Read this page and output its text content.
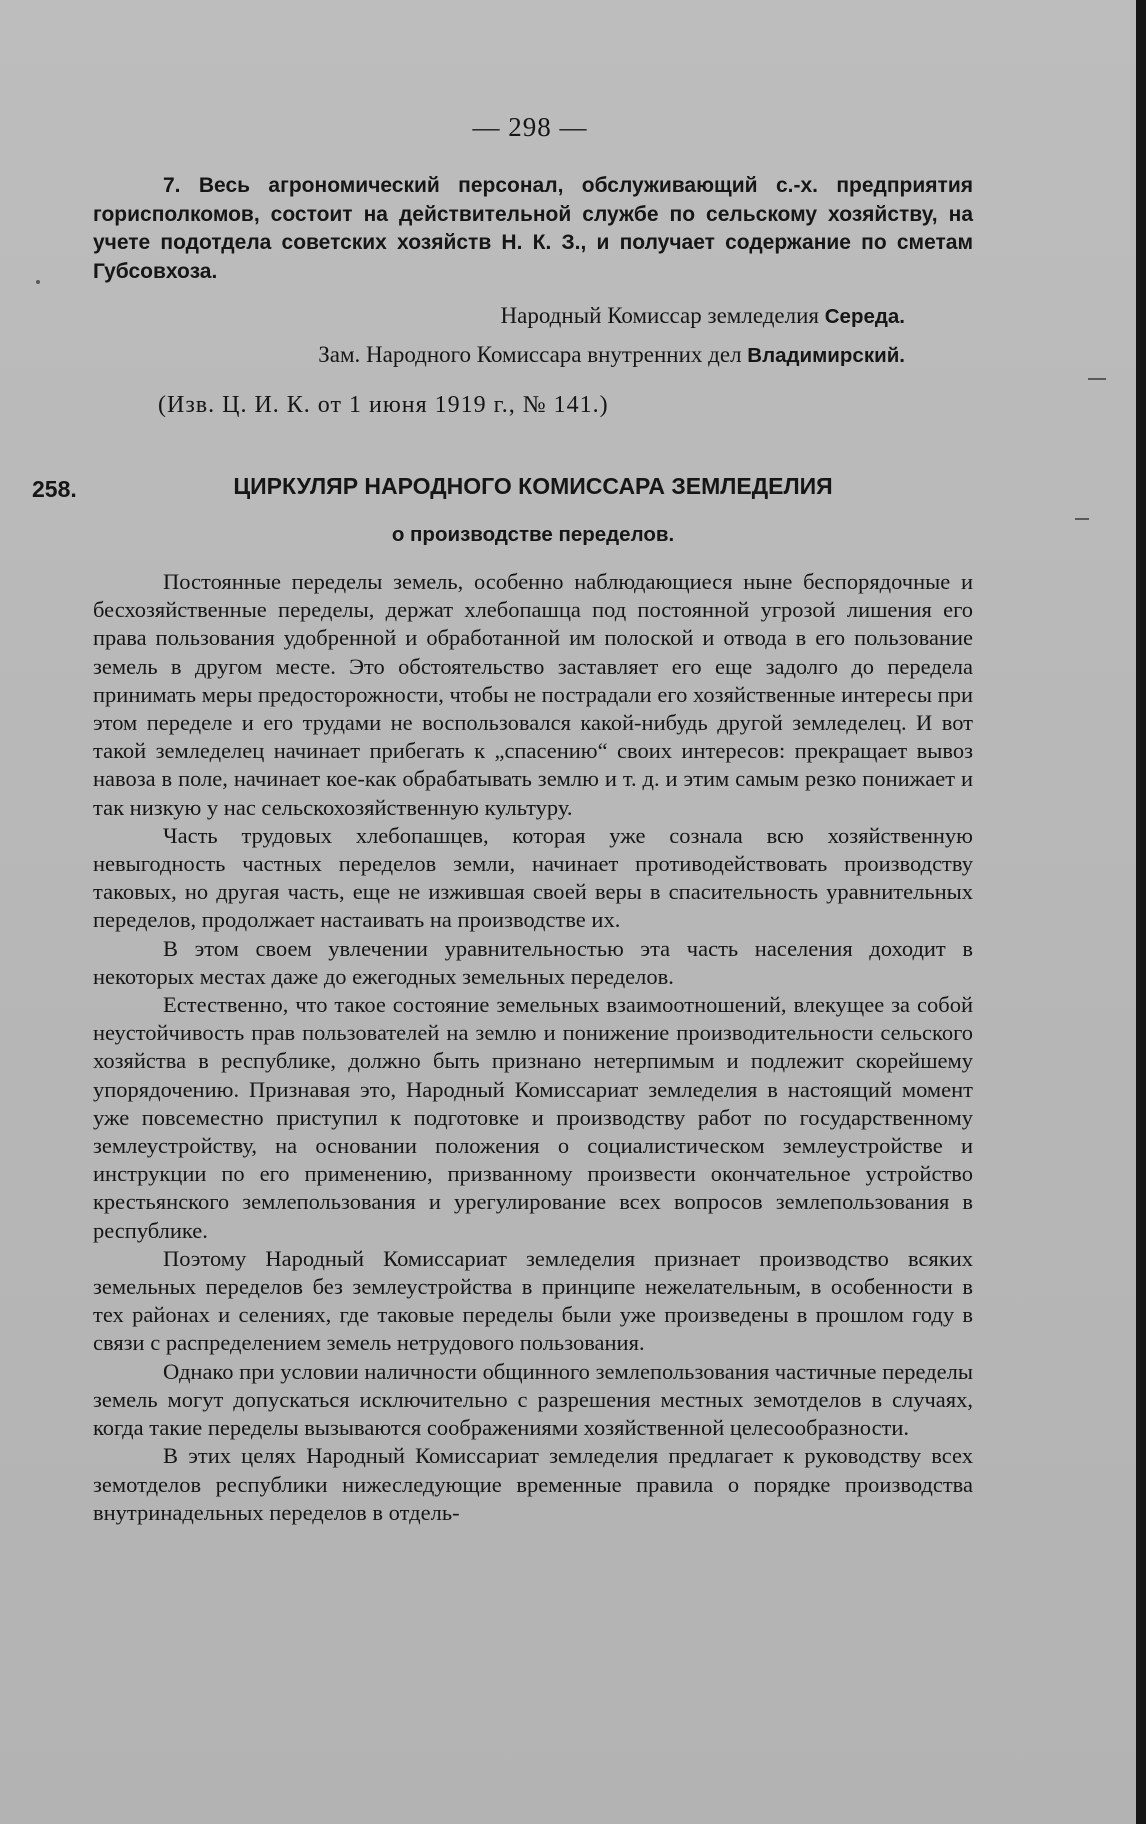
— 298 —

7. Весь агрономический персонал, обслуживающий с.-х. предприятия горисполкомов, состоит на действительной службе по сельскому хозяйству, на учете подотдела советских хозяйств Н. К. З., и получает содержание по сметам Губсовхоза.

Народный Комиссар земледелия Середа.
Зам. Народного Комиссара внутренних дел Владимирский.
(Изв. Ц. И. К. от 1 июня 1919 г., № 141.)
258.	ЦИРКУЛЯР НАРОДНОГО КОМИССАРА ЗЕМЛЕДЕЛИЯ
о производстве переделов.

Постоянные переделы земель, особенно наблюдающиеся ныне беспорядочные и бесхозяйственные переделы, держат хлебопашца под постоянной угрозой лишения его права пользования удобренной и обработанной им полоской и отвода в его пользование земель в другом месте. Это обстоятельство заставляет его еще задолго до передела принимать меры предосторожности, чтобы не пострадали его хозяйственные интересы при этом переделе и его трудами не воспользовался какой-нибудь другой земледелец. И вот такой земледелец начинает прибегать к „спасению“ своих интересов: прекращает вывоз навоза в поле, начинает кое-как обрабатывать землю и т. д. и этим самым резко понижает и так низкую у нас сельскохозяйственную культуру.

Часть трудовых хлебопашцев, которая уже сознала всю хозяйственную невыгодность частных переделов земли, начинает противодействовать производству таковых, но другая часть, еще не изжившая своей веры в спасительность уравнительных переделов, продолжает настаивать на производстве их.

В этом своем увлечении уравнительностью эта часть населения доходит в некоторых местах даже до ежегодных земельных переделов.

Естественно, что такое состояние земельных взаимоотношений, влекущее за собой неустойчивость прав пользователей на землю и понижение производительности сельского хозяйства в республике, должно быть признано нетерпимым и подлежит скорейшему упорядочению. Признавая это, Народный Комиссариат земледелия в настоящий момент уже повсеместно приступил к подготовке и производству работ по государственному землеустройству, на основании положения о социалистическом землеустройстве и инструкции по его применению, призванному произвести окончательное устройство крестьянского землепользования и урегулирование всех вопросов землепользования в республике.

Поэтому Народный Комиссариат земледелия признает производство всяких земельных переделов без землеустройства в принципе нежелательным, в особенности в тех районах и селениях, где таковые переделы были уже произведены в прошлом году в связи с распределением земель нетрудового пользования.

Однако при условии наличности общинного землепользования частичные переделы земель могут допускаться исключительно с разрешения местных земотделов в случаях, когда такие переделы вызываются соображениями хозяйственной целесообразности.

В этих целях Народный Комиссариат земледелия предлагает к руководству всех земотделов республики нижеследующие временные правила о порядке производства внутринадельных переделов в отдель-
